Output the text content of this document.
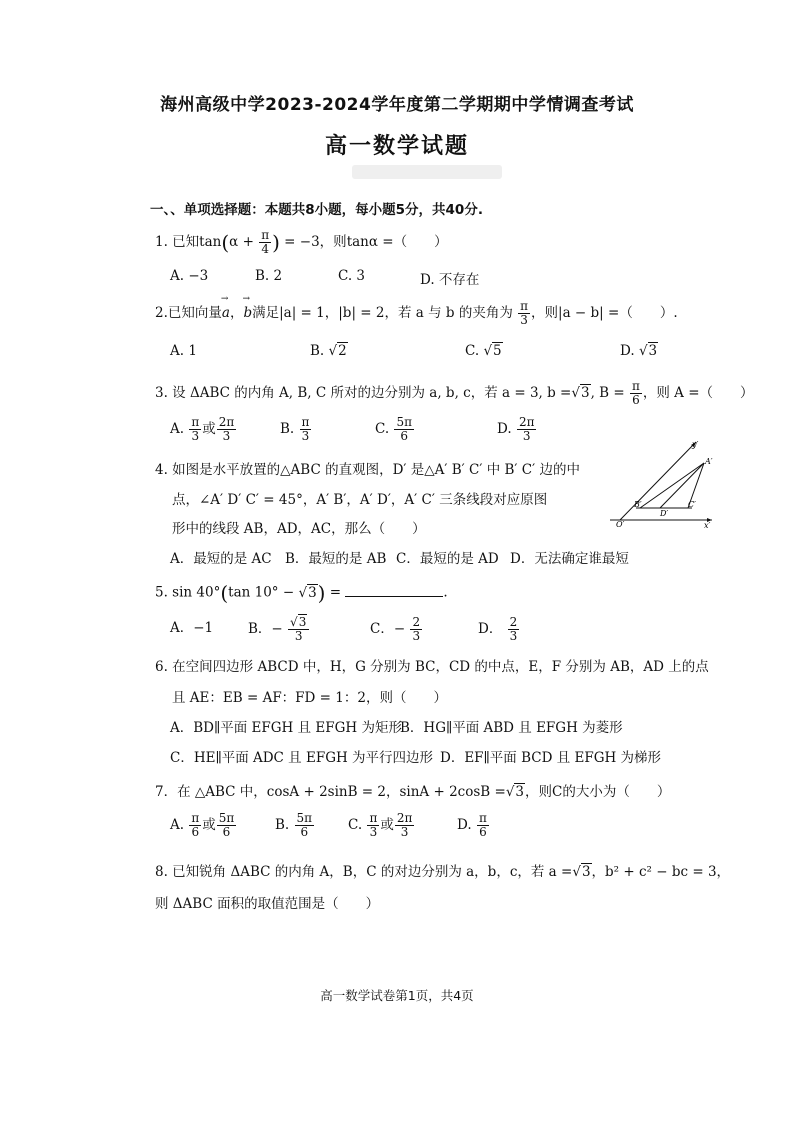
海州高级中学2023-2024学年度第二学期期中学情调查考试
高一数学试题
一、、单项选择题：本题共8小题，每小题5分，共40分.
1. 已知$\tan(\alpha + \frac{\pi}{4}$ ) = −3，则tanα =（　　）
A. −3	B. 2	C. 3	D. 不存在
2.已知向量→ a，→ b满足|a| = 1，|b| = 2，若 a 与 b 的夹角为 $\frac{\pi}{3}$ ，则|a − b| =（　　）.
A. 1	B. √2	C. √5	D. √3
3. 设 ΔABC 的内角 A, B, C 所对的边分别为 a, b, c，若 a = 3, b =√3, $B = \frac{\pi}{6}$ ，则 A =（　　）
A. $\frac{\pi}{3}$ 或 $\frac{2\pi}{3}$	B. $\frac{\pi}{3}$	C. $\frac{5\pi}{6}$	D. $\frac{2\pi}{3}$
4. 如图是水平放置的△ABC 的直观图，D′ 是△A′ B′ C′ 中 B′ C′ 边的中
点，∠A′ D′ C′ = 45°，A′ B′，A′ D′，A′ C′ 三条线段对应原图
形中的线段 AB，AD，AC，那么（　　）
y′
x′
O′
A′
B′
D′
C′
A．最短的是 AC B．最短的是 AB C．最短的是 AD D．无法确定谁最短
5. sin 40°(tan 10° − √3) =	.
A．−1	B．− $\frac{√3}{3}$	C．− $\frac{2}{3}$	D． $\frac{2}{3}$
6. 在空间四边形 ABCD 中，H，G 分别为 BC，CD 的中点，E，F 分别为 AB，AD 上的点
且 AE：EB = AF：FD = 1：2，则（　　）
A．BD∥平面 EFGH 且 EFGH 为矩形
B．HG∥平面 ABD 且 EFGH 为菱形
C．HE∥平面 ADC 且 EFGH 为平行四边形 D．EF∥平面 BCD 且 EFGH 为梯形
7．在 △ABC 中，cosA + 2sinB = 2，sinA + 2cosB =√3，则C的大小为（　　）
A. $\frac{\pi}{6}$ 或 $\frac{5\pi}{6}$	B. $\frac{5\pi}{6}$	C. $\frac{\pi}{3}$ 或 $\frac{2\pi}{3}$	D. $\frac{\pi}{6}$
8. 已知锐角 ΔABC 的内角 A，B，C 的对边分别为 a，b，c，若 a =√3，b² + c² − bc = 3，
则 ΔABC 面积的取值范围是（　　）
高一数学试卷第1页，共4页
